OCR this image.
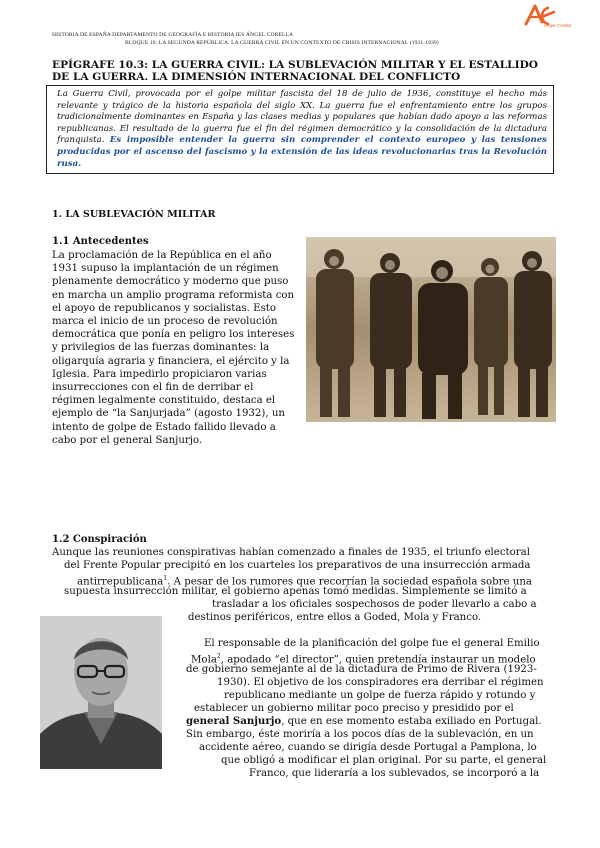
HISTORIA DE ESPAÑA DEPARTAMENTO DE GEOGRAFÍA E HISTORIA IES ÁNGEL CORELLA
BLOQUE 10: LA SEGUNDA REPÚBLICA. LA GUERRA CIVIL EN UN CONTEXTO DE CRISIS INTERNACIONAL (1931-1939)
Ángel Corella
EPÍGRAFE 10.3: LA GUERRA CIVIL: LA SUBLEVACIÓN MILITAR Y EL ESTALLIDO DE LA GUERRA. LA DIMENSIÓN INTERNACIONAL DEL CONFLICTO
La Guerra Civil, provocada por el golpe militar fascista del 18 de julio de 1936, constituye el hecho más relevante y trágico de la historia española del siglo XX. La guerra fue el enfrentamiento entre los grupos tradicionalmente dominantes en España y las clases medias y populares que habían dado apoyo a las reformas republicanas. El resultado de la guerra fue el fin del régimen democrático y la consolidación de la dictadura franquista. Es imposible entender la guerra sin comprender el contexto europeo y las tensiones producidas por el ascenso del fascismo y la extensión de las ideas revolucionarias tras la Revolución rusa.
1. LA SUBLEVACIÓN MILITAR
1.1 Antecedentes

La proclamación de la República en el año 1931 supuso la implantación de un régimen plenamente democrático y moderno que puso en marcha un amplio programa reformista con el apoyo de republicanos y socialistas. Esto marca el inicio de un proceso de revolución democrática que ponía en peligro los intereses y privilegios de las fuerzas dominantes: la oligarquía agraria y financiera, el ejército y la Iglesia. Para impedirlo propiciaron varias insurrecciones con el fin de derribar el régimen legalmente constituido, destaca el ejemplo de “la Sanjurjada” (agosto 1932), un intento de golpe de Estado fallido llevado a cabo por el general Sanjurjo.

1.2 Conspiración

Aunque las reuniones conspirativas habían comenzado a finales de 1935, el triunfo electoral

del Frente Popular precipitó en los cuarteles los preparativos de una insurrección armada

antirrepublicana$^1$. A pesar de los rumores que recorrían la sociedad española sobre una

supuesta insurrección militar, el gobierno apenas tomó medidas. Simplemente se limitó a

trasladar a los oficiales sospechosos de poder llevarlo a cabo a

destinos periféricos, entre ellos a Goded, Mola y Franco.

El responsable de la planificación del golpe fue el general Emilio

Mola$^2$, apodado “el director”, quien pretendía instaurar un modelo

de gobierno semejante al de la dictadura de Primo de Rivera (1923-

1930). El objetivo de los conspiradores era derribar el régimen

republicano mediante un golpe de fuerza rápido y rotundo y

establecer un gobierno militar poco preciso y presidido por el

general Sanjurjo, que en ese momento estaba exiliado en Portugal.

Sin embargo, éste moriría a los pocos días de la sublevación, en un

accidente aéreo, cuando se dirigía desde Portugal a Pamplona, lo

que obligó a modificar el plan original. Por su parte, el general

Franco, que lideraría a los sublevados, se incorporó a la
